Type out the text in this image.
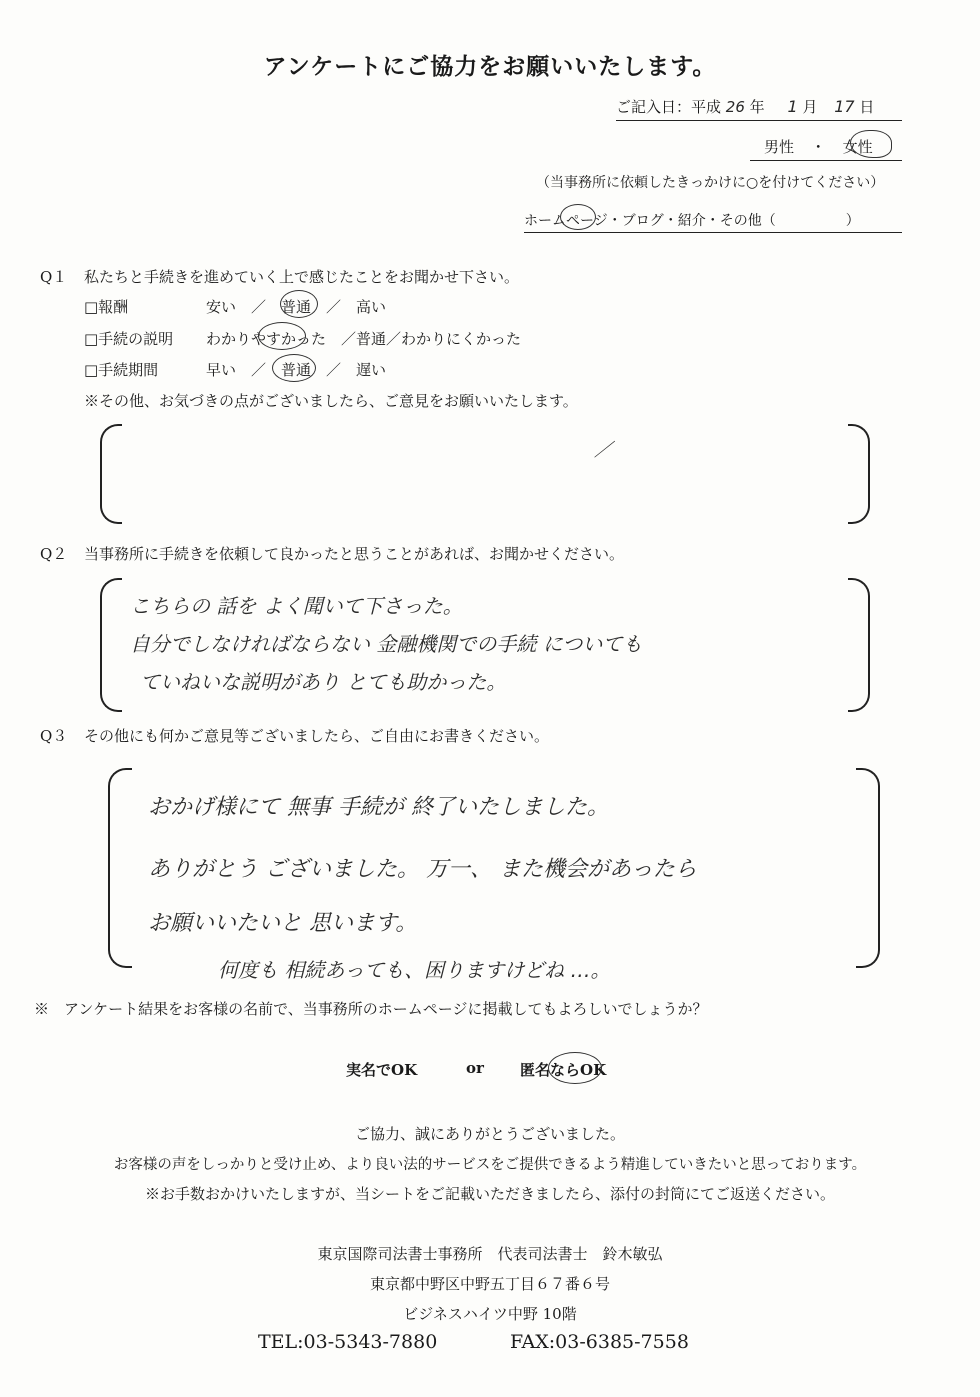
アンケートにご協力をお願いいたします。
ご記入日：平成 26 年 1 月 17 日
男性 ・ 女性
（当事務所に依頼したきっかけに○を付けてください）
ホームページ・ブログ・紹介・その他（　　　　　）
Q１ 私たちと手続きを進めていく上で感じたことをお聞かせ下さい。
□報酬	安い　／　普通　／　高い
□手続の説明 わかりやすかった　／普通／わかりにくかった
□手続期間	早い　／　普通　／　遅い
※その他、お気づきの点がございましたら、ご意見をお願いいたします。
／
Q２ 当事務所に手続きを依頼して良かったと思うことがあれば、お聞かせください。
こちらの 話を よく聞いて下さった。
自分でしなければならない 金融機関での手続 についても
ていねいな説明があり とても助かった。
Q３ その他にも何かご意見等ございましたら、ご自由にお書きください。
おかげ様にて 無事 手続が 終了いたしました。
ありがとう ございました。 万一、 また機会があったら
お願いいたいと 思います。
何度も 相続あっても、困りますけどね …。
※　アンケート結果をお客様の名前で、当事務所のホームページに掲載してもよろしいでしょうか？
実名でOK	or 匿名ならOK
ご協力、誠にありがとうございました。
お客様の声をしっかりと受け止め、より良い法的サービスをご提供できるよう精進していきたいと思っております。
※お手数おかけいたしますが、当シートをご記載いただきましたら、添付の封筒にてご返送ください。
東京国際司法書士事務所　代表司法書士　鈴木敏弘
東京都中野区中野五丁目６７番６号
ビジネスハイツ中野 10階
TEL:03-5343-7880	FAX:03-6385-7558
